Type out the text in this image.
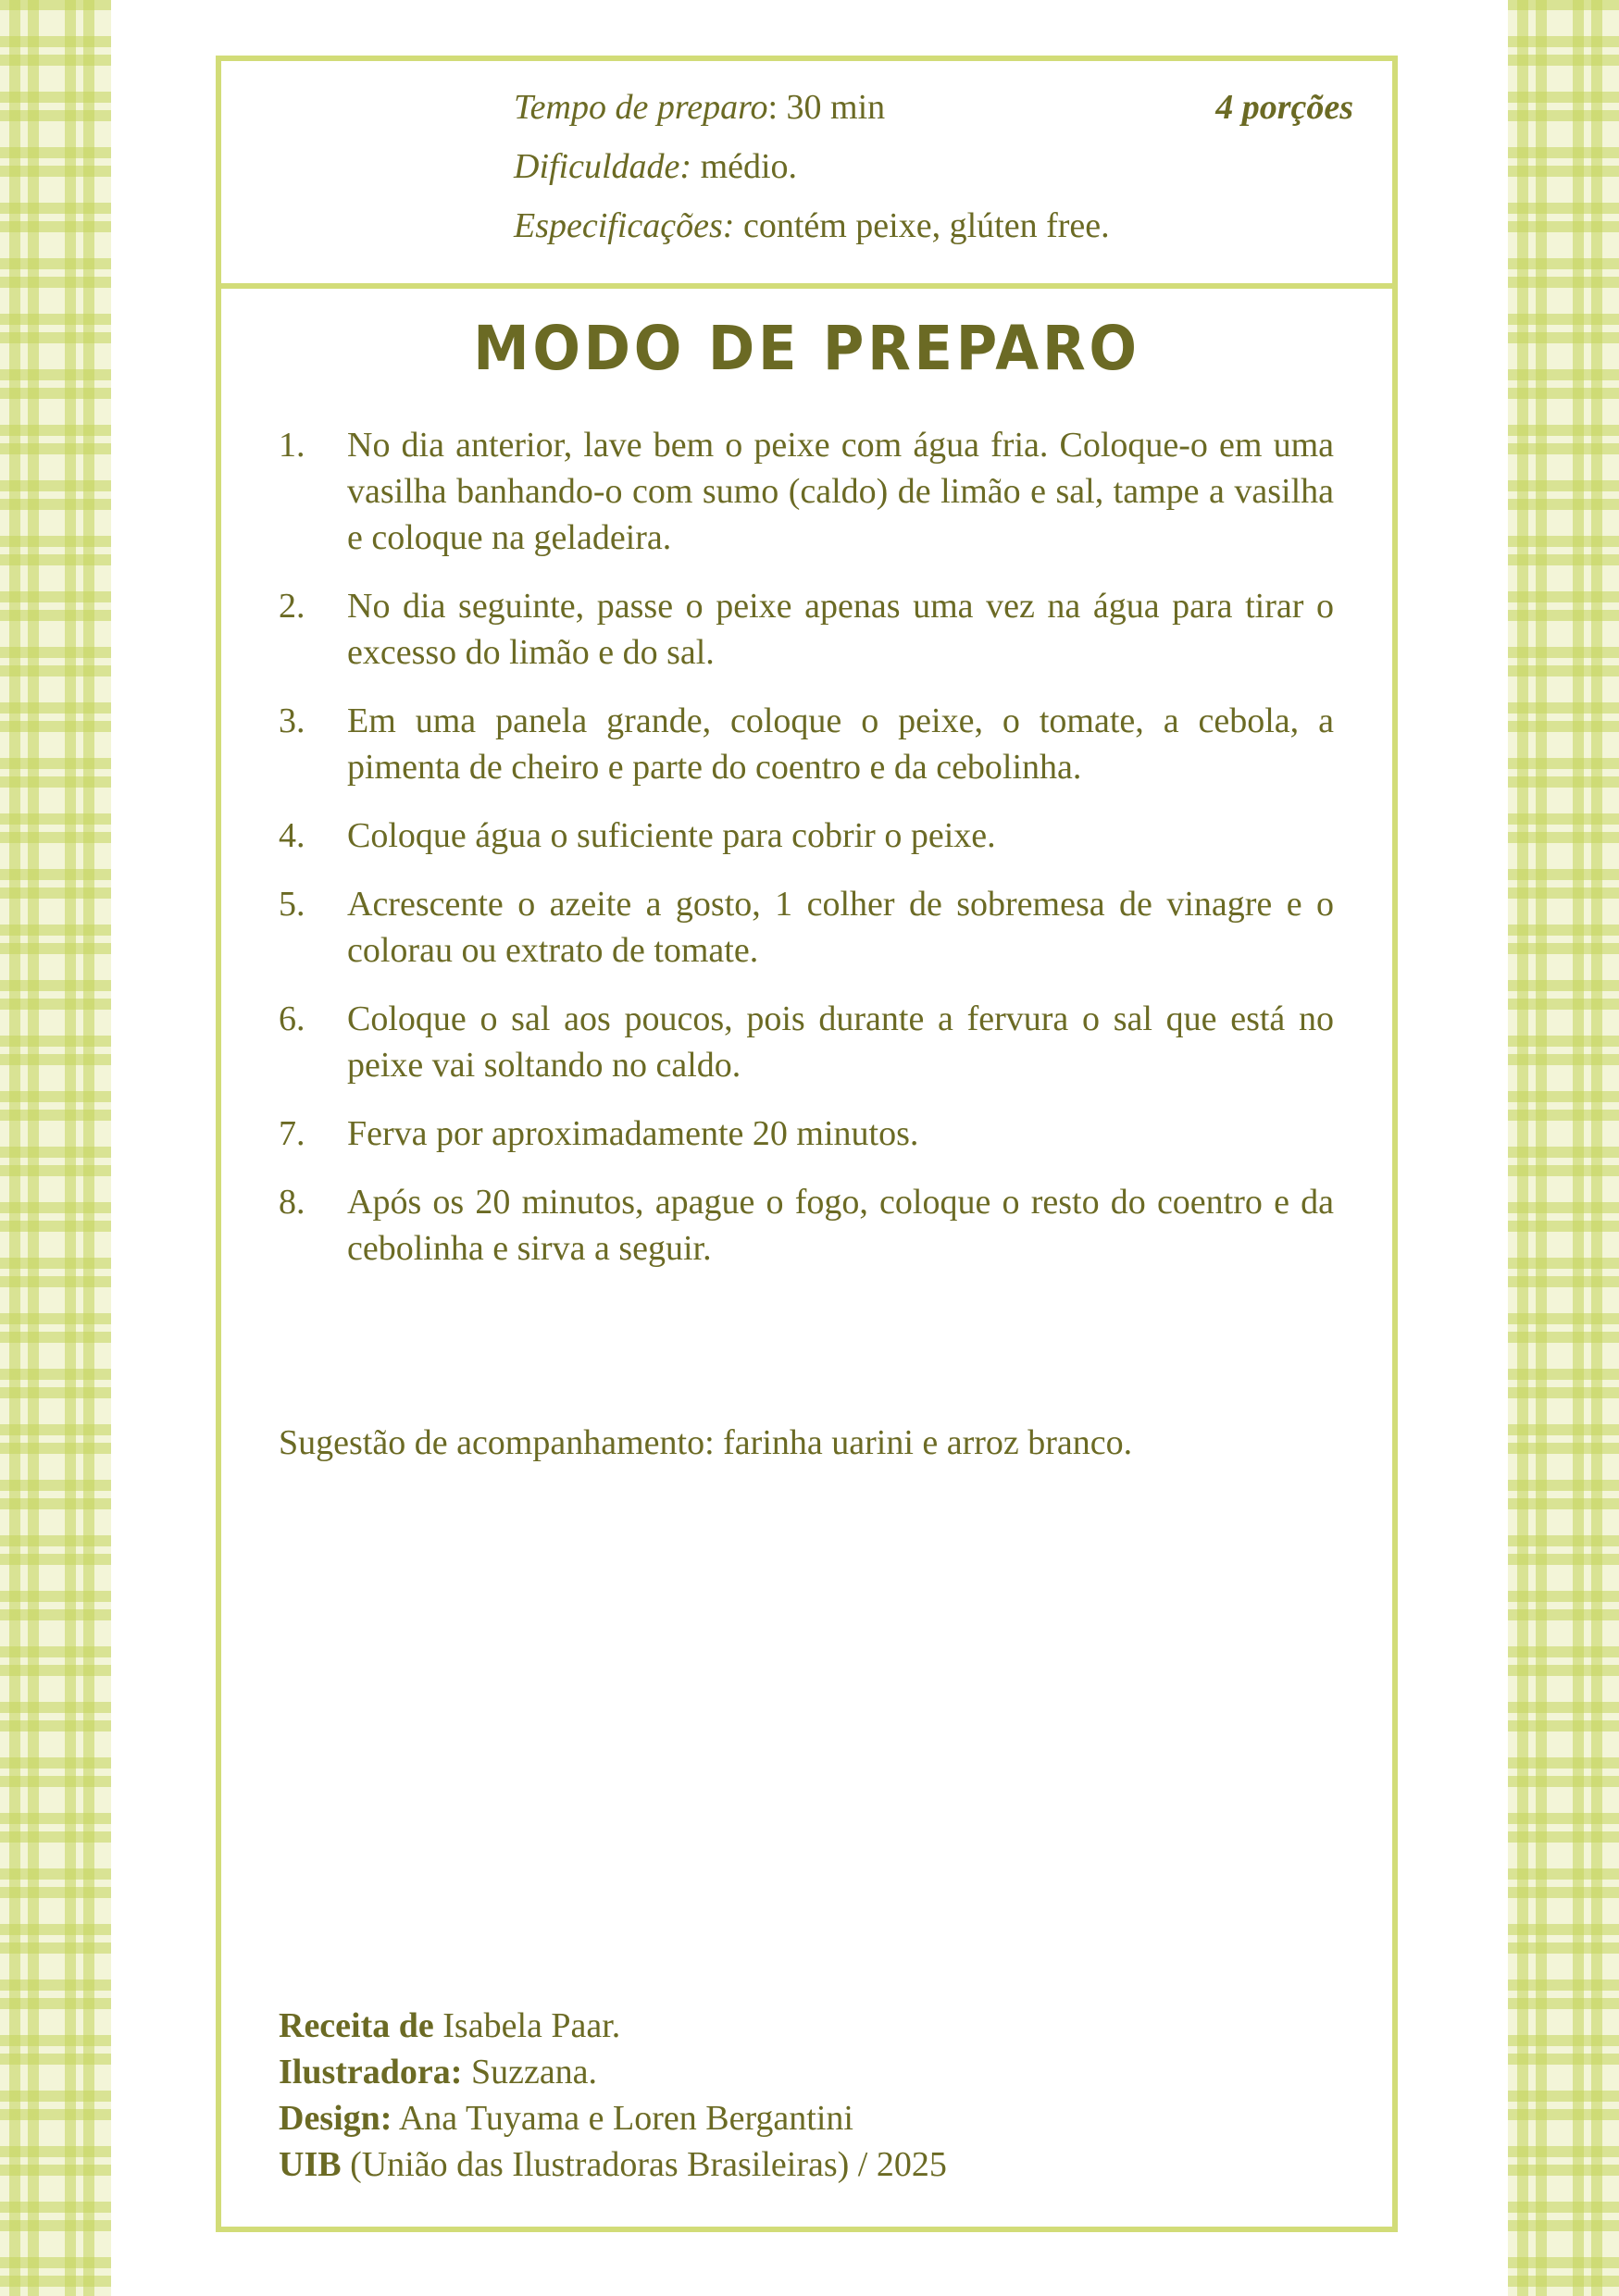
Tempo de preparo: 30 min	4 porções
Dificuldade: médio.
Especificações: contém peixe, glúten free.
MODO DE PREPARO
1. No dia anterior, lave bem o peixe com água fria. Coloque-o em uma vasilha banhando-o com sumo (caldo) de limão e sal, tampe a vasilha e coloque na geladeira.
2. No dia seguinte, passe o peixe apenas uma vez na água para tirar o excesso do limão e do sal.
3. Em uma panela grande, coloque o peixe, o tomate, a cebola, a pimenta de cheiro e parte do coentro e da cebolinha.
4. Coloque água o suficiente para cobrir o peixe.
5. Acrescente o azeite a gosto, 1 colher de sobremesa de vinagre e o colorau ou extrato de tomate.
6. Coloque o sal aos poucos, pois durante a fervura o sal que está no peixe vai soltando no caldo.
7. Ferva por aproximadamente 20 minutos.
8. Após os 20 minutos, apague o fogo, coloque o resto do coentro e da cebolinha e sirva a seguir.
Sugestão de acompanhamento: farinha uarini e arroz branco.
Receita de Isabela Paar.
Ilustradora: Suzzana.
Design: Ana Tuyama e Loren Bergantini
UIB (União das Ilustradoras Brasileiras) / 2025
